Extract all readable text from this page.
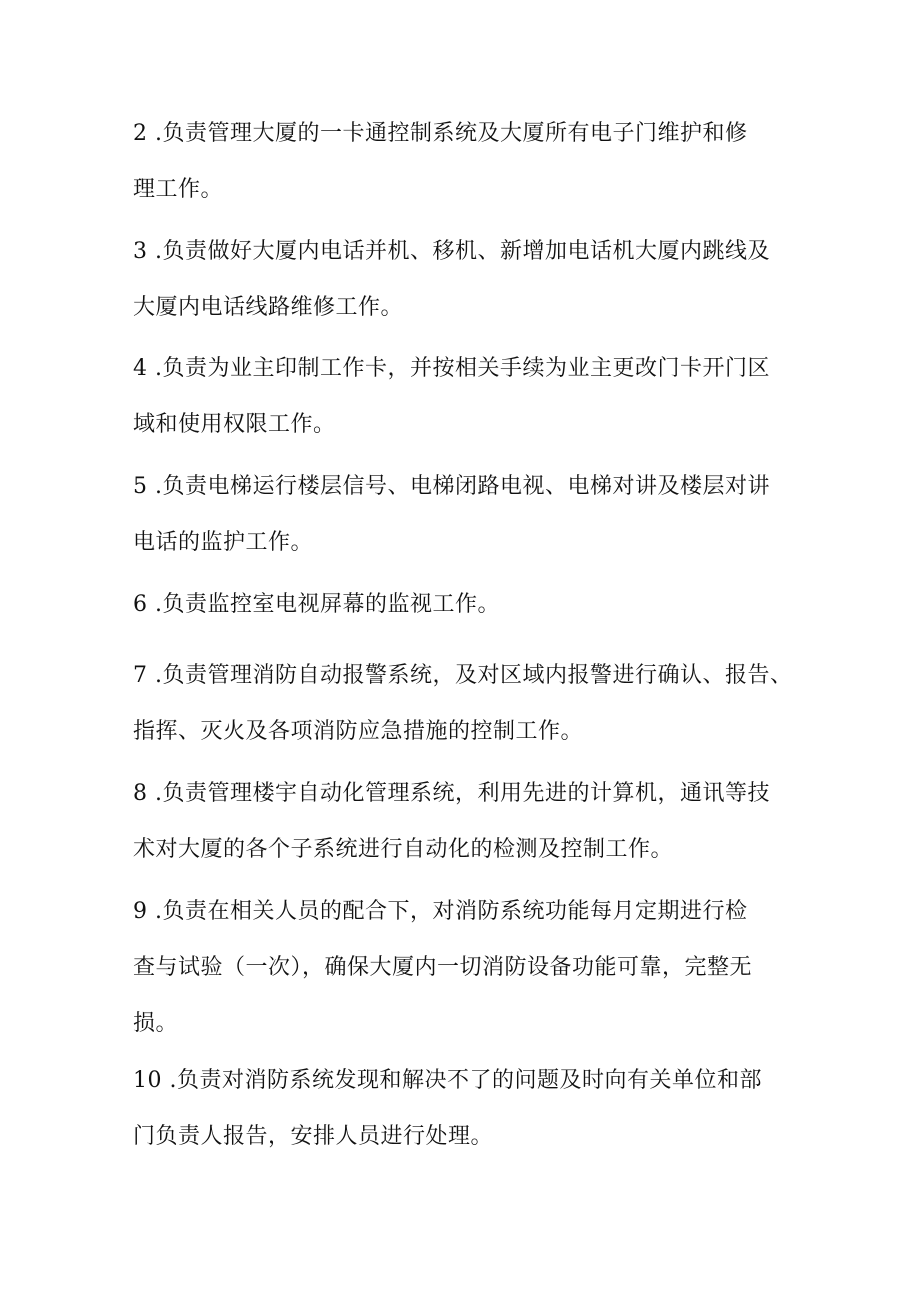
2 .负责管理大厦的一卡通控制系统及大厦所有电子门维护和修
理工作。
3 .负责做好大厦内电话并机、移机、新增加电话机大厦内跳线及
大厦内电话线路维修工作。
4 .负责为业主印制工作卡，并按相关手续为业主更改门卡开门区
域和使用权限工作。
5 .负责电梯运行楼层信号、电梯闭路电视、电梯对讲及楼层对讲
电话的监护工作。
6 .负责监控室电视屏幕的监视工作。
7 .负责管理消防自动报警系统，及对区域内报警进行确认、报告、
指挥、灭火及各项消防应急措施的控制工作。
8 .负责管理楼宇自动化管理系统，利用先进的计算机，通讯等技
术对大厦的各个子系统进行自动化的检测及控制工作。
9 .负责在相关人员的配合下，对消防系统功能每月定期进行检
查与试验（一次），确保大厦内一切消防设备功能可靠，完整无
损。
10 .负责对消防系统发现和解决不了的问题及时向有关单位和部
门负责人报告，安排人员进行处理。
